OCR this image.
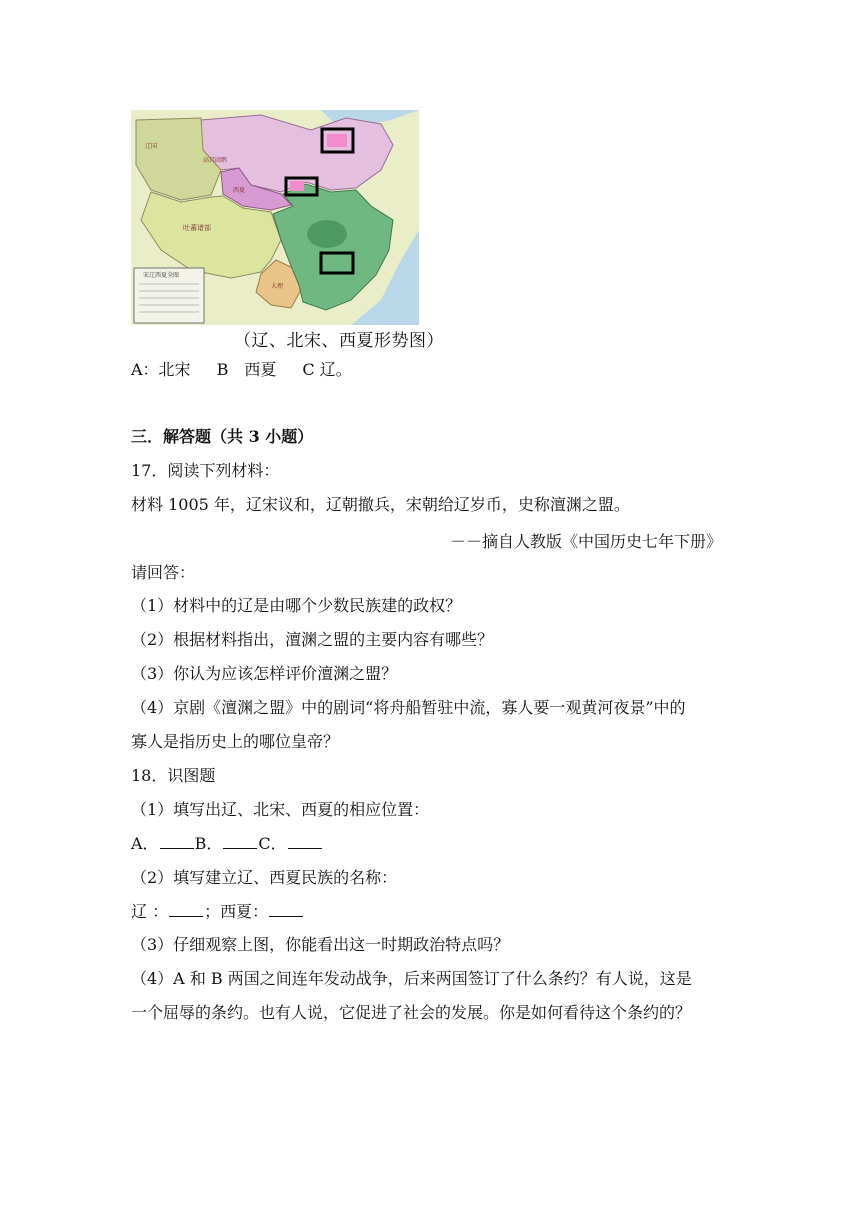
宋辽西夏全图
高昌回鹘
吐蕃诸部
西夏
大理
辽国
（辽、北宋、西夏形势图）
A：北宋 B　西夏 C 辽。
三．解答题（共 3 小题）
17．阅读下列材料：
材料 1005 年，辽宋议和，辽朝撤兵，宋朝给辽岁币，史称澶渊之盟。
－－摘自人教版《中国历史七年下册》
请回答：
（1）材料中的辽是由哪个少数民族建的政权？
（2）根据材料指出，澶渊之盟的主要内容有哪些？
（3）你认为应该怎样评价澶渊之盟？
（4）京剧《澶渊之盟》中的剧词“将舟船暂驻中流，寡人要一观黄河夜景”中的
寡人是指历史上的哪位皇帝？
18．识图题
（1）填写出辽、北宋、西夏的相应位置：
A． B． C．
（2）填写建立辽、西夏民族的名称：
辽 ： ；西夏：
（3）仔细观察上图，你能看出这一时期政治特点吗？
（4）A 和 B 两国之间连年发动战争，后来两国签订了什么条约？有人说，这是
一个屈辱的条约。也有人说，它促进了社会的发展。你是如何看待这个条约的？
